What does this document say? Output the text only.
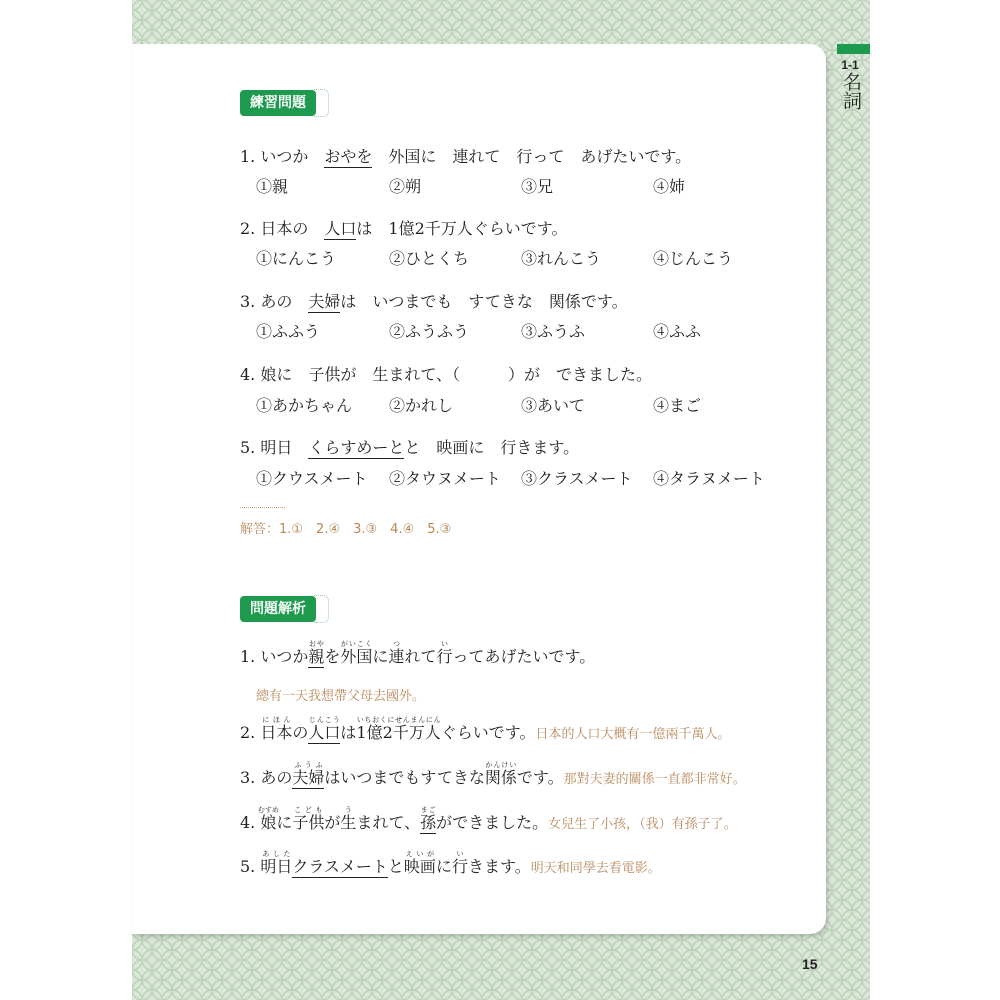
1-1
名詞
練習問題
1. いつか　おやを　外国に　連れて　行って　あげたいです。
①親	②朔	③兄	④姉
2. 日本の　人口は　1億2千万人ぐらいです。
①にんこう	②ひとくち	③れんこう	④じんこう
3. あの　夫婦は　いつまでも　すてきな　関係です。
①ふふう	②ふうふう	③ふうふ	④ふふ
4. 娘に　子供が　生まれて、（　　　）が　できました。
①あかちゃん ②かれし	③あいて	④まご
5. 明日　くらすめーとと　映画に　行きます。
①クウスメート ②タウヌメート ③クラスメート ④タラヌメート
解答：1.①　2.④　3.③　4.④　5.③
問題解析
1. いつか親おやを外国がいこくに連つれて行いってあげたいです。
總有一天我想帶父母去國外。
2. 日本にほんの人口じんこうは1億2千万人いちおくにせんまんにんぐらいです。日本的人口大概有一億兩千萬人。
3. あの夫婦ふうふはいつまでもすてきな関係かんけいです。那對夫妻的關係一直都非常好。
4. 娘むすめに子供こどもが生うまれて、孫まごができました。女兒生了小孩，（我）有孫子了。
5. 明日あしたクラスメートと映画えいがに行いきます。明天和同學去看電影。
15
